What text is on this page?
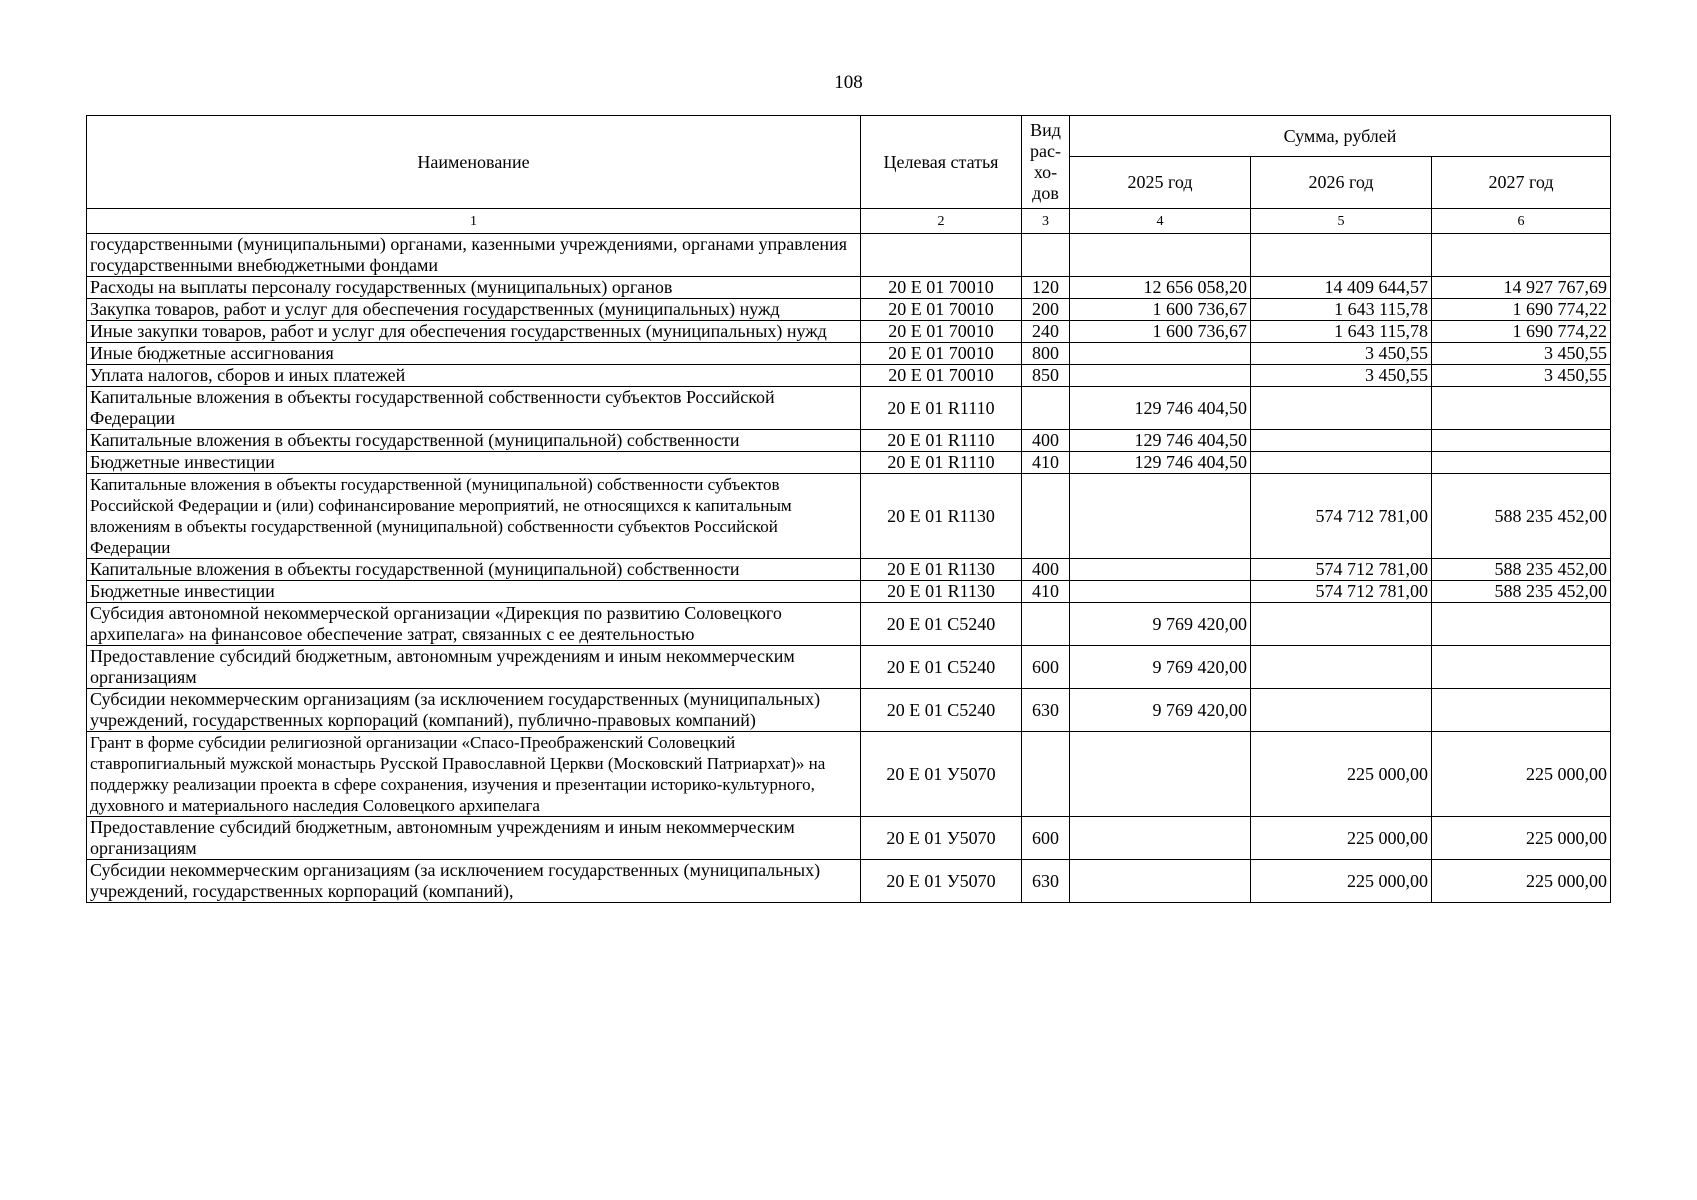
108
Наименование	Целевая статья	Вид рас-хо-дов	Сумма, рублей		
			2025 год	2026 год	2027 год
1	2	3	4	5	6
государственными (муниципальными) органами, казенными учреждениями, органами управления государственными внебюджетными фондами					
Расходы на выплаты персоналу государственных (муниципальных) органов	20 Е 01 70010	120	12 656 058,20	14 409 644,57	14 927 767,69
Закупка товаров, работ и услуг для обеспечения государственных (муниципальных) нужд	20 Е 01 70010	200	1 600 736,67	1 643 115,78	1 690 774,22
Иные закупки товаров, работ и услуг для обеспечения государственных (муниципальных) нужд	20 Е 01 70010	240	1 600 736,67	1 643 115,78	1 690 774,22
Иные бюджетные ассигнования	20 Е 01 70010	800		3 450,55	3 450,55
Уплата налогов, сборов и иных платежей	20 Е 01 70010	850		3 450,55	3 450,55
Капитальные вложения в объекты государственной собственности субъектов Российской Федерации	20 Е 01 R1110		129 746 404,50		
Капитальные вложения в объекты государственной (муниципальной) собственности	20 Е 01 R1110	400	129 746 404,50		
Бюджетные инвестиции	20 Е 01 R1110	410	129 746 404,50		
Капитальные вложения в объекты государственной (муниципальной) собственности субъектов Российской Федерации и (или) софинансирование мероприятий, не относящихся к капитальным вложениям в объекты государственной (муниципальной) собственности субъектов Российской Федерации	20 Е 01 R1130			574 712 781,00	588 235 452,00
Капитальные вложения в объекты государственной (муниципальной) собственности	20 Е 01 R1130	400		574 712 781,00	588 235 452,00
Бюджетные инвестиции	20 Е 01 R1130	410		574 712 781,00	588 235 452,00
Субсидия автономной некоммерческой организации «Дирекция по развитию Соловецкого архипелага» на финансовое обеспечение затрат, связанных с ее деятельностью	20 Е 01 С5240		9 769 420,00		
Предоставление субсидий бюджетным, автономным учреждениям и иным некоммерческим организациям	20 Е 01 С5240	600	9 769 420,00		
Субсидии некоммерческим организациям (за исключением государственных (муниципальных) учреждений, государственных корпораций (компаний), публично-правовых компаний)	20 Е 01 С5240	630	9 769 420,00		
Грант в форме субсидии религиозной организации «Спасо-Преображенский Соловецкий ставропигиальный мужской монастырь Русской Православной Церкви (Московский Патриархат)» на поддержку реализации проекта в сфере сохранения, изучения и презентации историко-культурного, духовного и материального наследия Соловецкого архипелага	20 Е 01 У5070			225 000,00	225 000,00
Предоставление субсидий бюджетным, автономным учреждениям и иным некоммерческим организациям	20 Е 01 У5070	600		225 000,00	225 000,00
Субсидии некоммерческим организациям (за исключением государственных (муниципальных) учреждений, государственных корпораций (компаний),	20 Е 01 У5070	630		225 000,00	225 000,00
